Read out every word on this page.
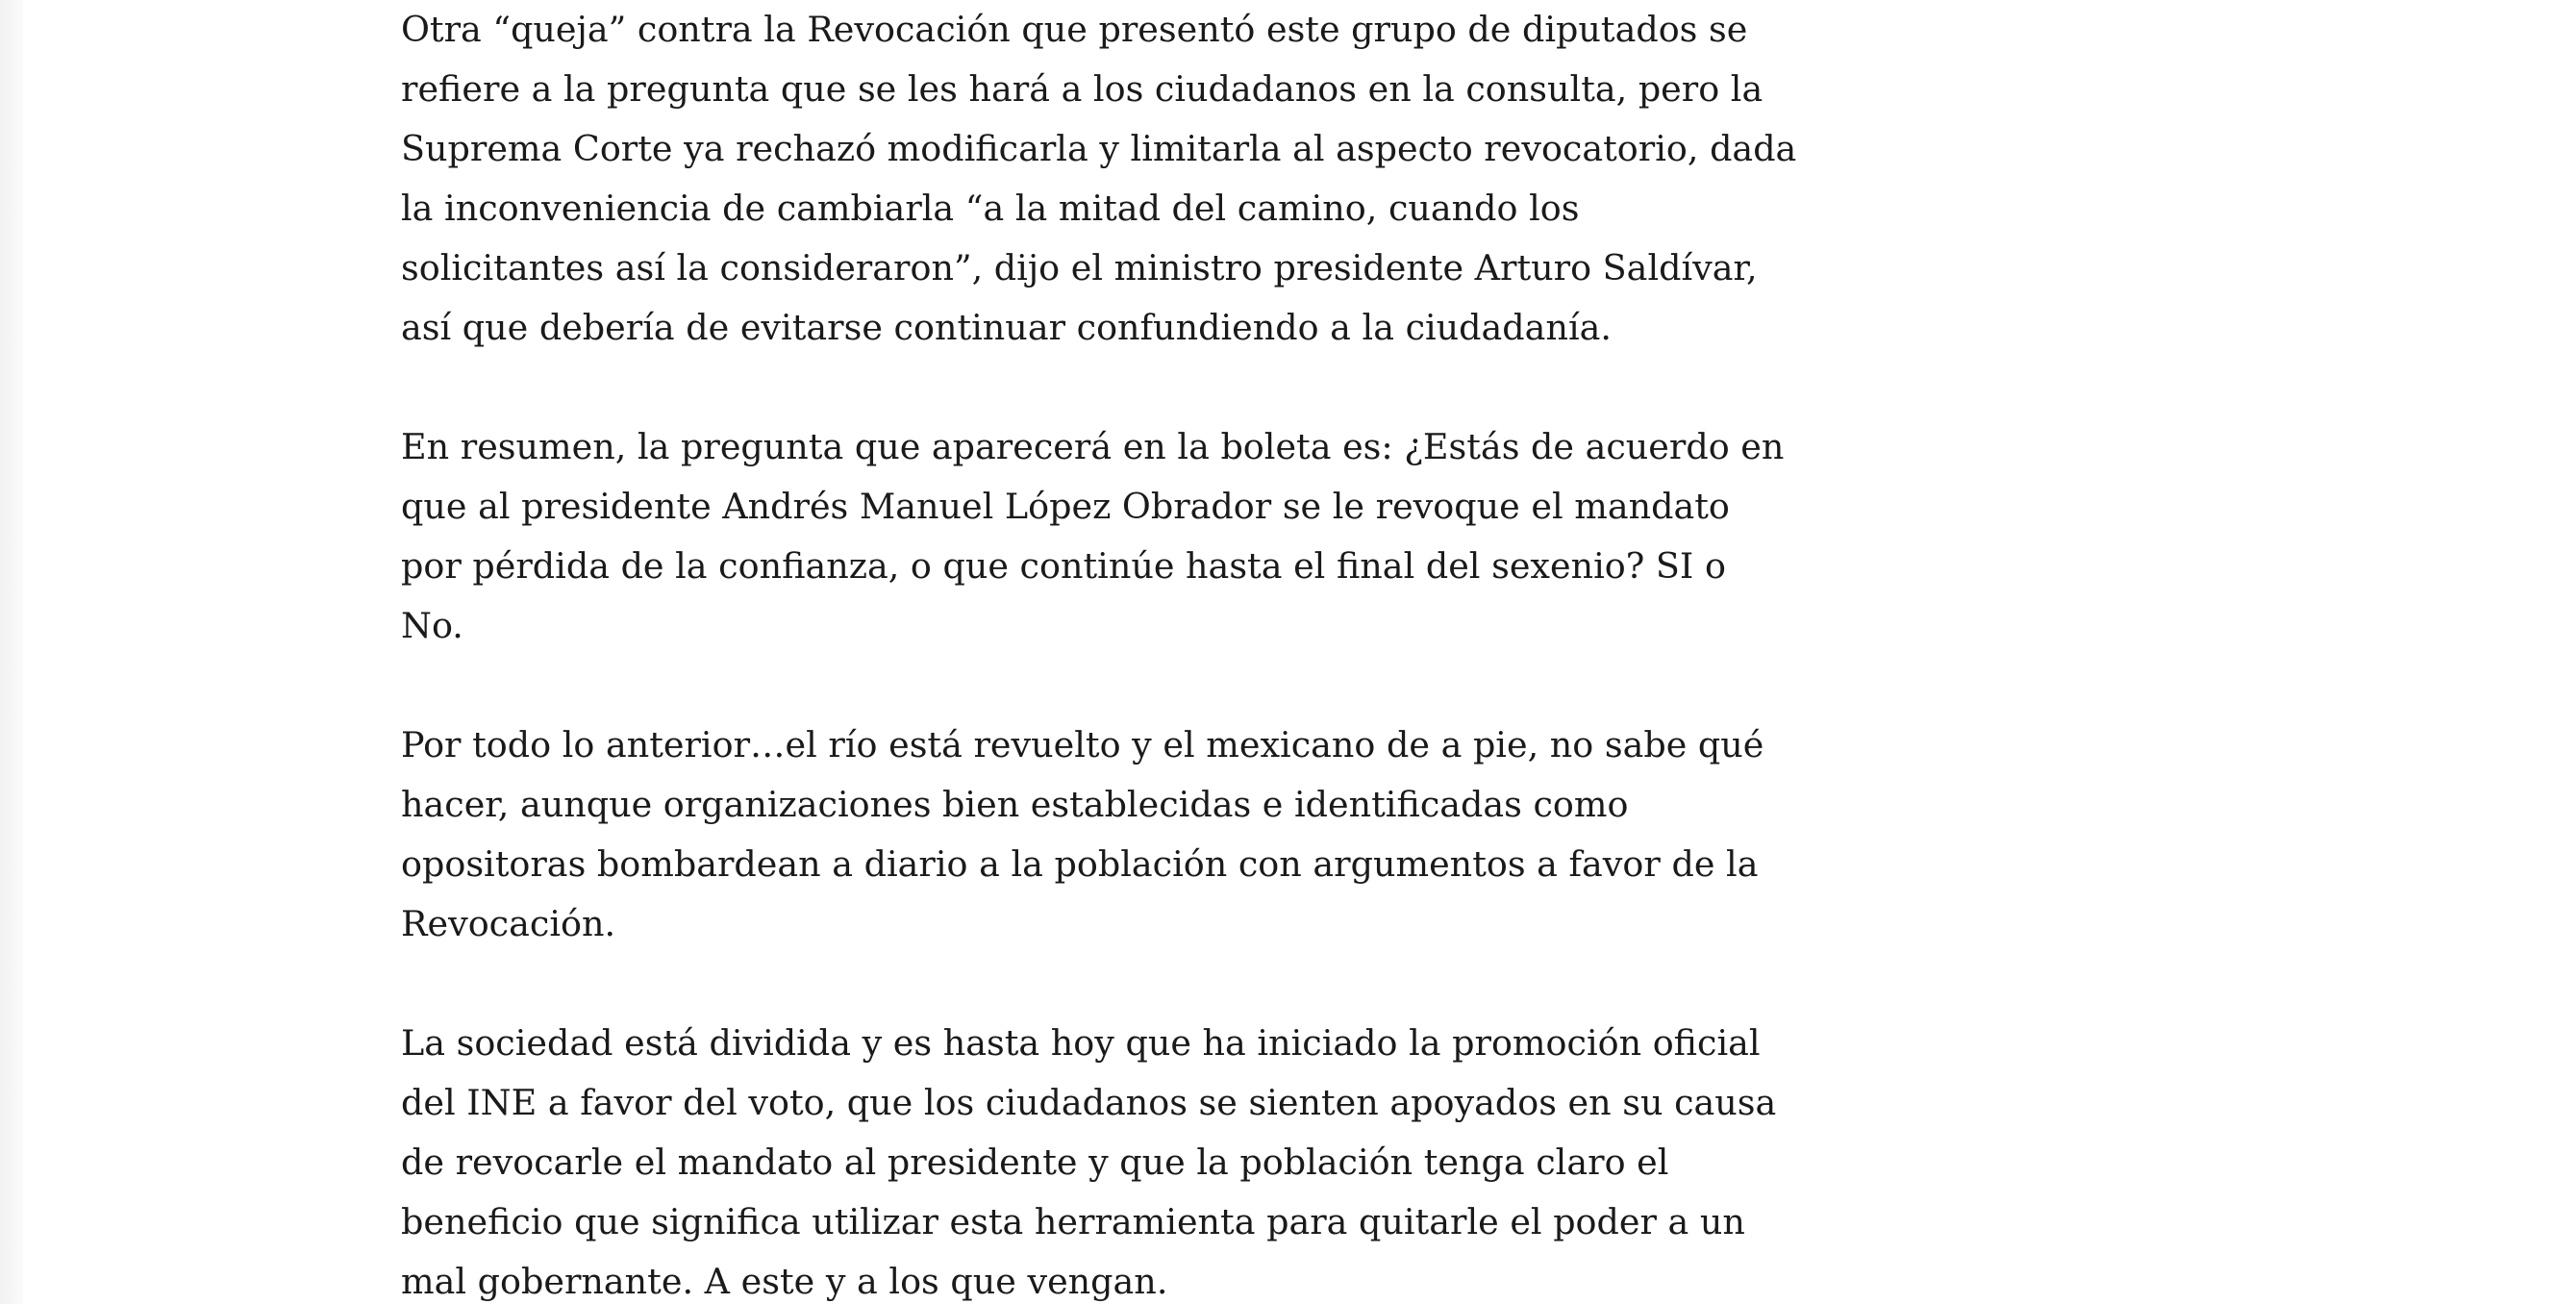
Otra “queja” contra la Revocación que presentó este grupo de diputados se
refiere a la pregunta que se les hará a los ciudadanos en la consulta, pero la
Suprema Corte ya rechazó modificarla y limitarla al aspecto revocatorio, dada
la inconveniencia de cambiarla “a la mitad del camino, cuando los
solicitantes así la consideraron”, dijo el ministro presidente Arturo Saldívar,
así que debería de evitarse continuar confundiendo a la ciudadanía.

En resumen, la pregunta que aparecerá en la boleta es: ¿Estás de acuerdo en
que al presidente Andrés Manuel López Obrador se le revoque el mandato
por pérdida de la confianza, o que continúe hasta el final del sexenio? SI o
No.

Por todo lo anterior…el río está revuelto y el mexicano de a pie, no sabe qué
hacer, aunque organizaciones bien establecidas e identificadas como
opositoras bombardean a diario a la población con argumentos a favor de la
Revocación.

La sociedad está dividida y es hasta hoy que ha iniciado la promoción oficial
del INE a favor del voto, que los ciudadanos se sienten apoyados en su causa
de revocarle el mandato al presidente y que la población tenga claro el
beneficio que significa utilizar esta herramienta para quitarle el poder a un
mal gobernante. A este y a los que vengan.
